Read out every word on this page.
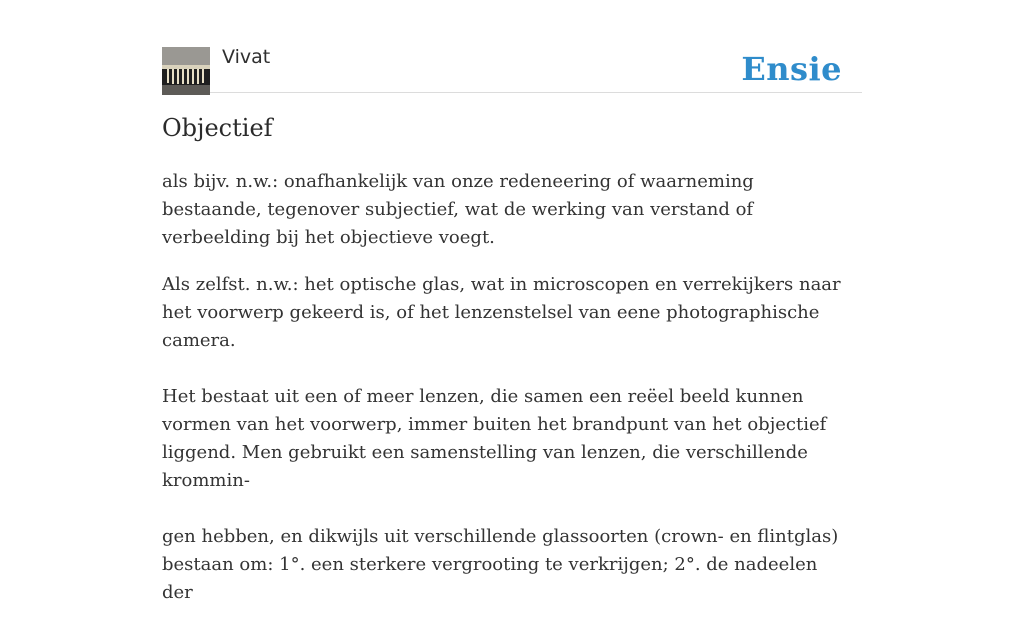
Vivat	Ensie
Objectief

als bijv. n.w.: onafhankelijk van onze redeneering of waarneming bestaande, tegenover subjectief, wat de werking van verstand of verbeelding bij het objectieve voegt.

Als zelfst. n.w.: het optische glas, wat in microscopen en verrekijkers naar het voorwerp gekeerd is, of het lenzenstelsel van eene photographische camera.

Het bestaat uit een of meer lenzen, die samen een reëel beeld kunnen vormen van het voorwerp, immer buiten het brandpunt van het objectief liggend. Men gebruikt een samenstelling van lenzen, die verschillende krommin-

gen hebben, en dikwijls uit verschillende glassoorten (crown- en flintglas) bestaan om: 1°. een sterkere vergrooting te verkrijgen; 2°. de nadeelen der
